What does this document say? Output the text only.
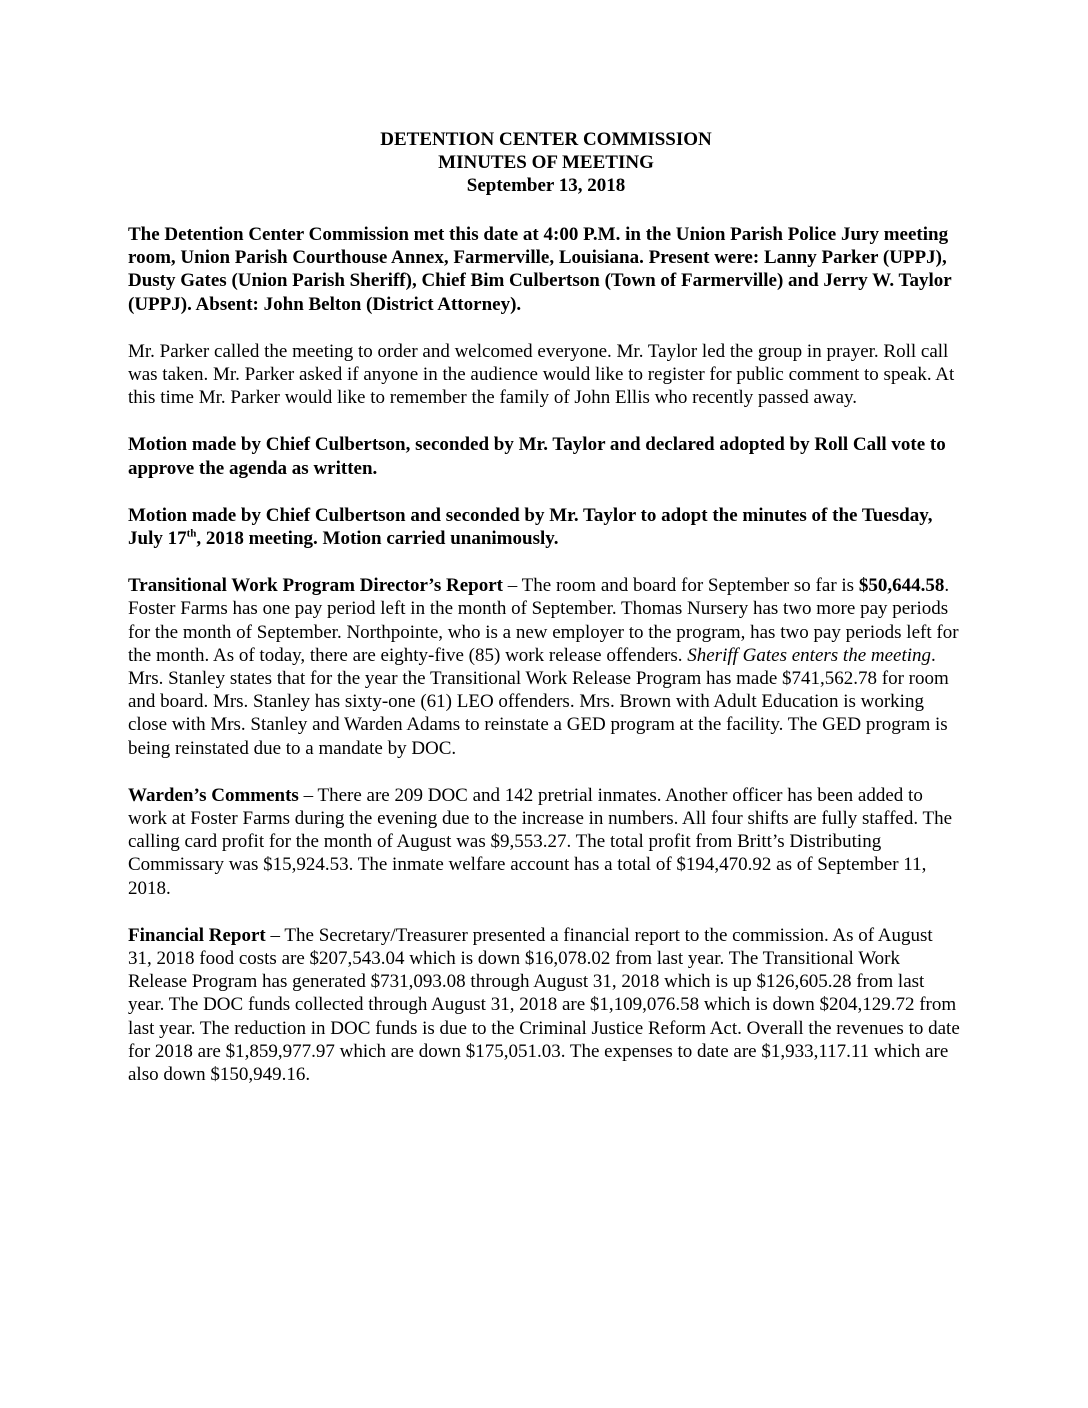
DETENTION CENTER COMMISSION
MINUTES OF MEETING
September 13, 2018

The Detention Center Commission met this date at 4:00 P.M. in the Union Parish Police Jury meeting room, Union Parish Courthouse Annex, Farmerville, Louisiana. Present were: Lanny Parker (UPPJ), Dusty Gates (Union Parish Sheriff), Chief Bim Culbertson (Town of Farmerville) and Jerry W. Taylor (UPPJ). Absent: John Belton (District Attorney).

Mr. Parker called the meeting to order and welcomed everyone. Mr. Taylor led the group in prayer. Roll call was taken. Mr. Parker asked if anyone in the audience would like to register for public comment to speak. At this time Mr. Parker would like to remember the family of John Ellis who recently passed away.

Motion made by Chief Culbertson, seconded by Mr. Taylor and declared adopted by Roll Call vote to approve the agenda as written.

Motion made by Chief Culbertson and seconded by Mr. Taylor to adopt the minutes of the Tuesday, July 17th, 2018 meeting. Motion carried unanimously.

Transitional Work Program Director’s Report – The room and board for September so far is $50,644.58. Foster Farms has one pay period left in the month of September. Thomas Nursery has two more pay periods for the month of September. Northpointe, who is a new employer to the program, has two pay periods left for the month. As of today, there are eighty-five (85) work release offenders. Sheriff Gates enters the meeting. Mrs. Stanley states that for the year the Transitional Work Release Program has made $741,562.78 for room and board. Mrs. Stanley has sixty-one (61) LEO offenders. Mrs. Brown with Adult Education is working close with Mrs. Stanley and Warden Adams to reinstate a GED program at the facility. The GED program is being reinstated due to a mandate by DOC.

Warden’s Comments – There are 209 DOC and 142 pretrial inmates. Another officer has been added to work at Foster Farms during the evening due to the increase in numbers. All four shifts are fully staffed. The calling card profit for the month of August was $9,553.27. The total profit from Britt’s Distributing Commissary was $15,924.53. The inmate welfare account has a total of $194,470.92 as of September 11, 2018.

Financial Report – The Secretary/Treasurer presented a financial report to the commission. As of August 31, 2018 food costs are $207,543.04 which is down $16,078.02 from last year. The Transitional Work Release Program has generated $731,093.08 through August 31, 2018 which is up $126,605.28 from last year. The DOC funds collected through August 31, 2018 are $1,109,076.58 which is down $204,129.72 from last year. The reduction in DOC funds is due to the Criminal Justice Reform Act. Overall the revenues to date for 2018 are $1,859,977.97 which are down $175,051.03. The expenses to date are $1,933,117.11 which are also down $150,949.16.
